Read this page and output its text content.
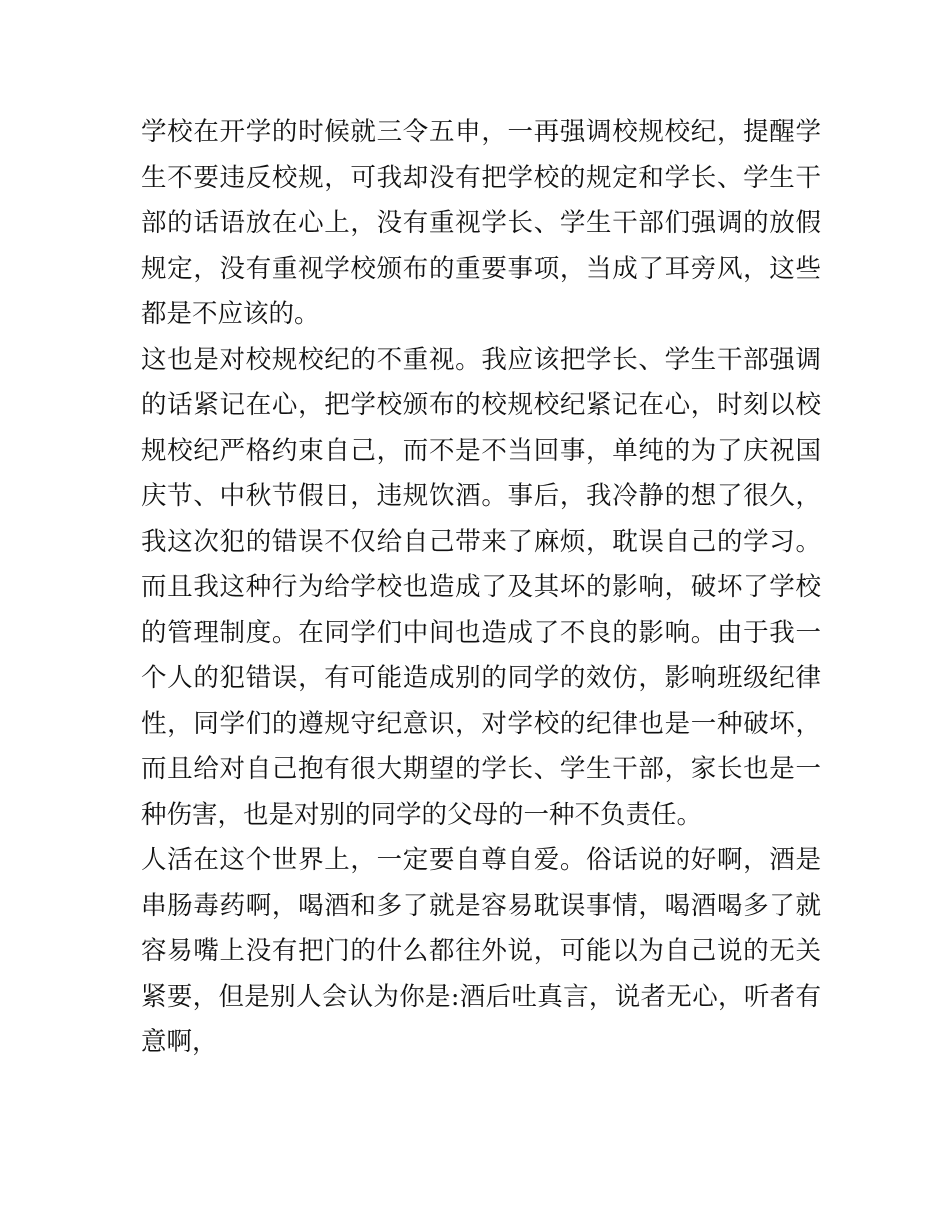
学校在开学的时候就三令五申，一再强调校规校纪，提醒学生不要违反校规，可我却没有把学校的规定和学长、学生干部的话语放在心上，没有重视学长、学生干部们强调的放假规定，没有重视学校颁布的重要事项，当成了耳旁风，这些都是不应该的。

这也是对校规校纪的不重视。我应该把学长、学生干部强调的话紧记在心，把学校颁布的校规校纪紧记在心，时刻以校规校纪严格约束自己，而不是不当回事，单纯的为了庆祝国庆节、中秋节假日，违规饮酒。事后，我冷静的想了很久，我这次犯的错误不仅给自己带来了麻烦，耽误自己的学习。而且我这种行为给学校也造成了及其坏的影响，破坏了学校的管理制度。在同学们中间也造成了不良的影响。由于我一个人的犯错误，有可能造成别的同学的效仿，影响班级纪律性，同学们的遵规守纪意识，对学校的纪律也是一种破坏，而且给对自己抱有很大期望的学长、学生干部，家长也是一种伤害，也是对别的同学的父母的一种不负责任。

人活在这个世界上，一定要自尊自爱。俗话说的好啊，酒是串肠毒药啊，喝酒和多了就是容易耽误事情，喝酒喝多了就容易嘴上没有把门的什么都往外说，可能以为自己说的无关紧要，但是别人会认为你是:酒后吐真言，说者无心，听者有意啊，
